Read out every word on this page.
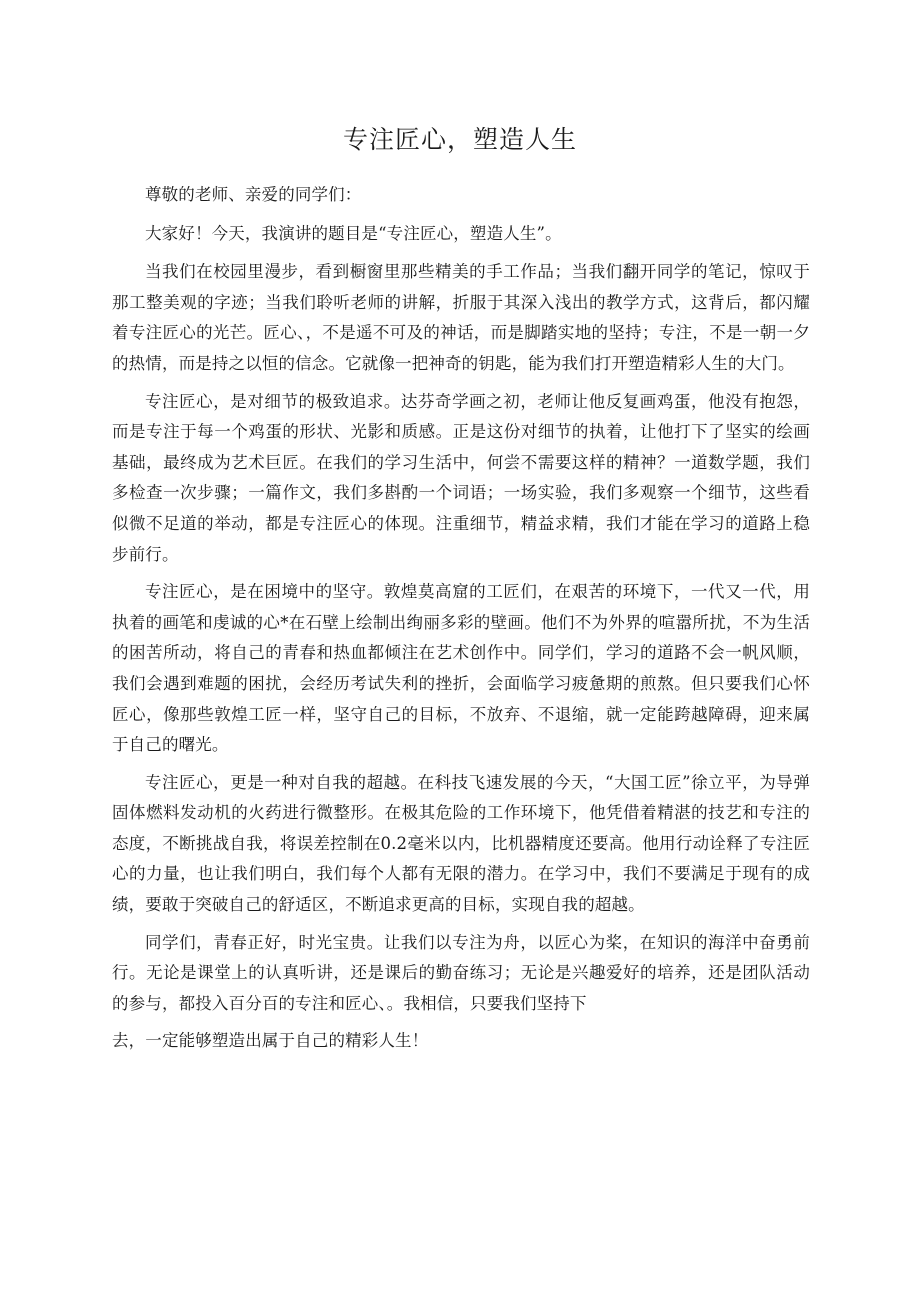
专注匠心，塑造人生

尊敬的老师、亲爱的同学们：

大家好！今天，我演讲的题目是“专注匠心，塑造人生”。

当我们在校园里漫步，看到橱窗里那些精美的手工作品；当我们翻开同学的笔记，惊叹于那工整美观的字迹；当我们聆听老师的讲解，折服于其深入浅出的教学方式，这背后，都闪耀着专注匠心的光芒。匠心、，不是遥不可及的神话，而是脚踏实地的坚持；专注，不是一朝一夕的热情，而是持之以恒的信念。它就像一把神奇的钥匙，能为我们打开塑造精彩人生的大门。

专注匠心，是对细节的极致追求。达芬奇学画之初，老师让他反复画鸡蛋，他没有抱怨，而是专注于每一个鸡蛋的形状、光影和质感。正是这份对细节的执着，让他打下了坚实的绘画基础，最终成为艺术巨匠。在我们的学习生活中，何尝不需要这样的精神？一道数学题，我们多检查一次步骤；一篇作文，我们多斟酌一个词语；一场实验，我们多观察一个细节，这些看似微不足道的举动，都是专注匠心的体现。注重细节，精益求精，我们才能在学习的道路上稳步前行。

专注匠心，是在困境中的坚守。敦煌莫高窟的工匠们，在艰苦的环境下，一代又一代，用执着的画笔和虔诚的心*在石壁上绘制出绚丽多彩的壁画。他们不为外界的喧嚣所扰，不为生活的困苦所动，将自己的青春和热血都倾注在艺术创作中。同学们，学习的道路不会一帆风顺，我们会遇到难题的困扰，会经历考试失利的挫折，会面临学习疲惫期的煎熬。但只要我们心怀匠心，像那些敦煌工匠一样，坚守自己的目标，不放弃、不退缩，就一定能跨越障碍，迎来属于自己的曙光。

专注匠心，更是一种对自我的超越。在科技飞速发展的今天，“大国工匠”徐立平，为导弹固体燃料发动机的火药进行微整形。在极其危险的工作环境下，他凭借着精湛的技艺和专注的态度，不断挑战自我，将误差控制在0.2毫米以内，比机器精度还要高。他用行动诠释了专注匠心的力量，也让我们明白，我们每个人都有无限的潜力。在学习中，我们不要满足于现有的成绩，要敢于突破自己的舒适区，不断追求更高的目标，实现自我的超越。

同学们，青春正好，时光宝贵。让我们以专注为舟，以匠心为桨，在知识的海洋中奋勇前行。无论是课堂上的认真听讲，还是课后的勤奋练习；无论是兴趣爱好的培养，还是团队活动的参与，都投入百分百的专注和匠心、。我相信，只要我们坚持下

去，一定能够塑造出属于自己的精彩人生！
